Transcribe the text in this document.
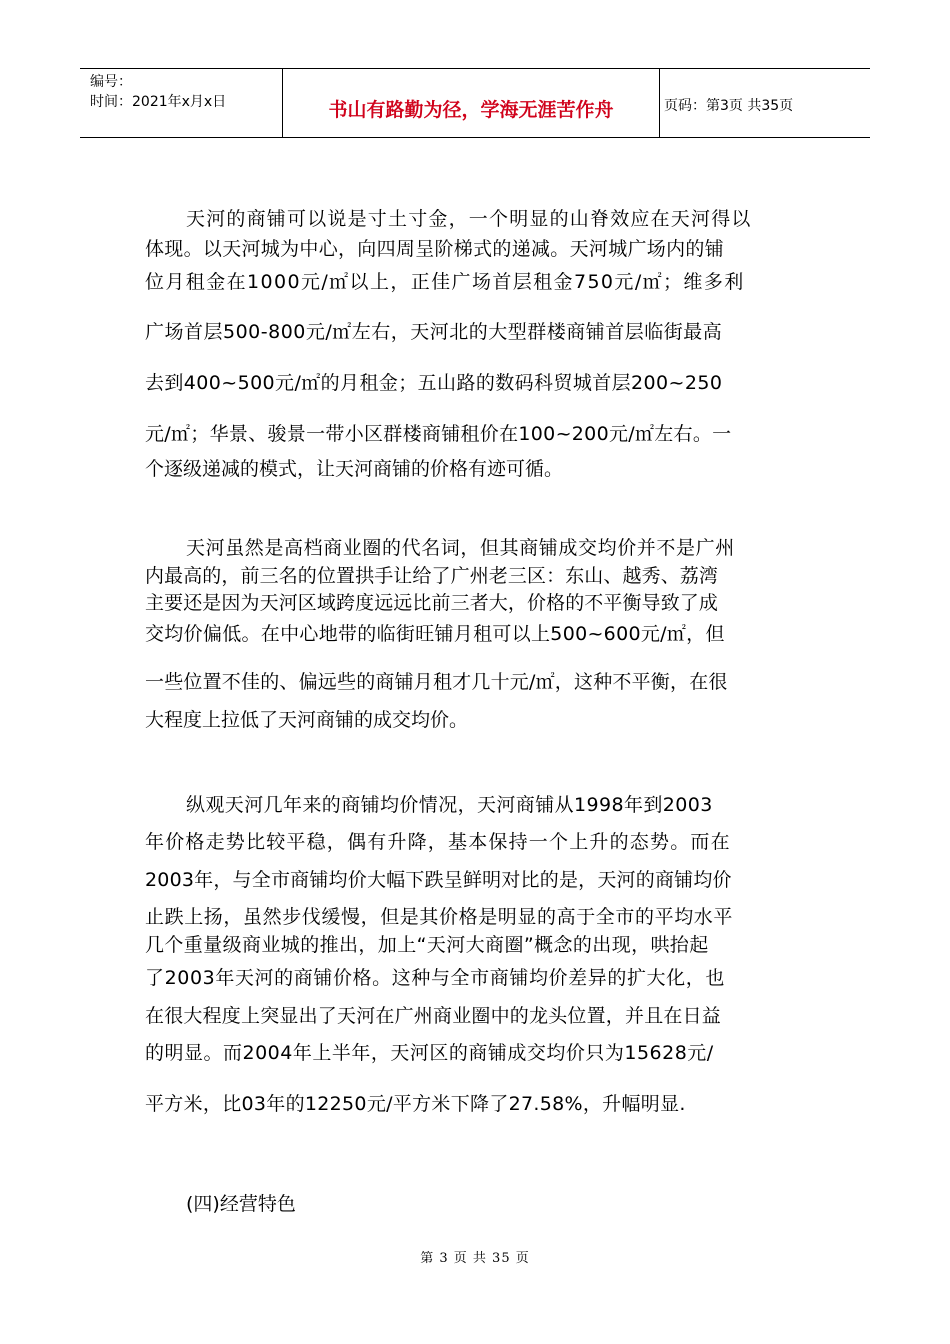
编号：
时间：2021年x月x日	书山有路勤为径，学海无涯苦作舟	页码：第3页 共35页
天河的商铺可以说是寸土寸金，一个明显的山脊效应在天河得以
体现。以天河城为中心，向四周呈阶梯式的递减。天河城广场内的铺
位月租金在1000元/㎡以上，正佳广场首层租金750元/㎡；维多利
广场首层500-800元/㎡左右，天河北的大型群楼商铺首层临街最高
去到400~500元/㎡的月租金；五山路的数码科贸城首层200~250
元/㎡；华景、骏景一带小区群楼商铺租价在100~200元/㎡左右。一
个逐级递减的模式，让天河商铺的价格有迹可循。
天河虽然是高档商业圈的代名词，但其商铺成交均价并不是广州
内最高的，前三名的位置拱手让给了广州老三区：东山、越秀、荔湾
主要还是因为天河区域跨度远远比前三者大，价格的不平衡导致了成
交均价偏低。在中心地带的临街旺铺月租可以上500~600元/㎡，但
一些位置不佳的、偏远些的商铺月租才几十元/㎡，这种不平衡，在很
大程度上拉低了天河商铺的成交均价。
纵观天河几年来的商铺均价情况，天河商铺从1998年到2003
年价格走势比较平稳，偶有升降，基本保持一个上升的态势。而在
2003年，与全市商铺均价大幅下跌呈鲜明对比的是，天河的商铺均价
止跌上扬，虽然步伐缓慢，但是其价格是明显的高于全市的平均水平
几个重量级商业城的推出，加上“天河大商圈”概念的出现，哄抬起
了2003年天河的商铺价格。这种与全市商铺均价差异的扩大化，也
在很大程度上突显出了天河在广州商业圈中的龙头位置，并且在日益
的明显。而2004年上半年，天河区的商铺成交均价只为15628元/
平方米，比03年的12250元/平方米下降了27.58%，升幅明显.
(四)经营特色
第 3 页 共 35 页
